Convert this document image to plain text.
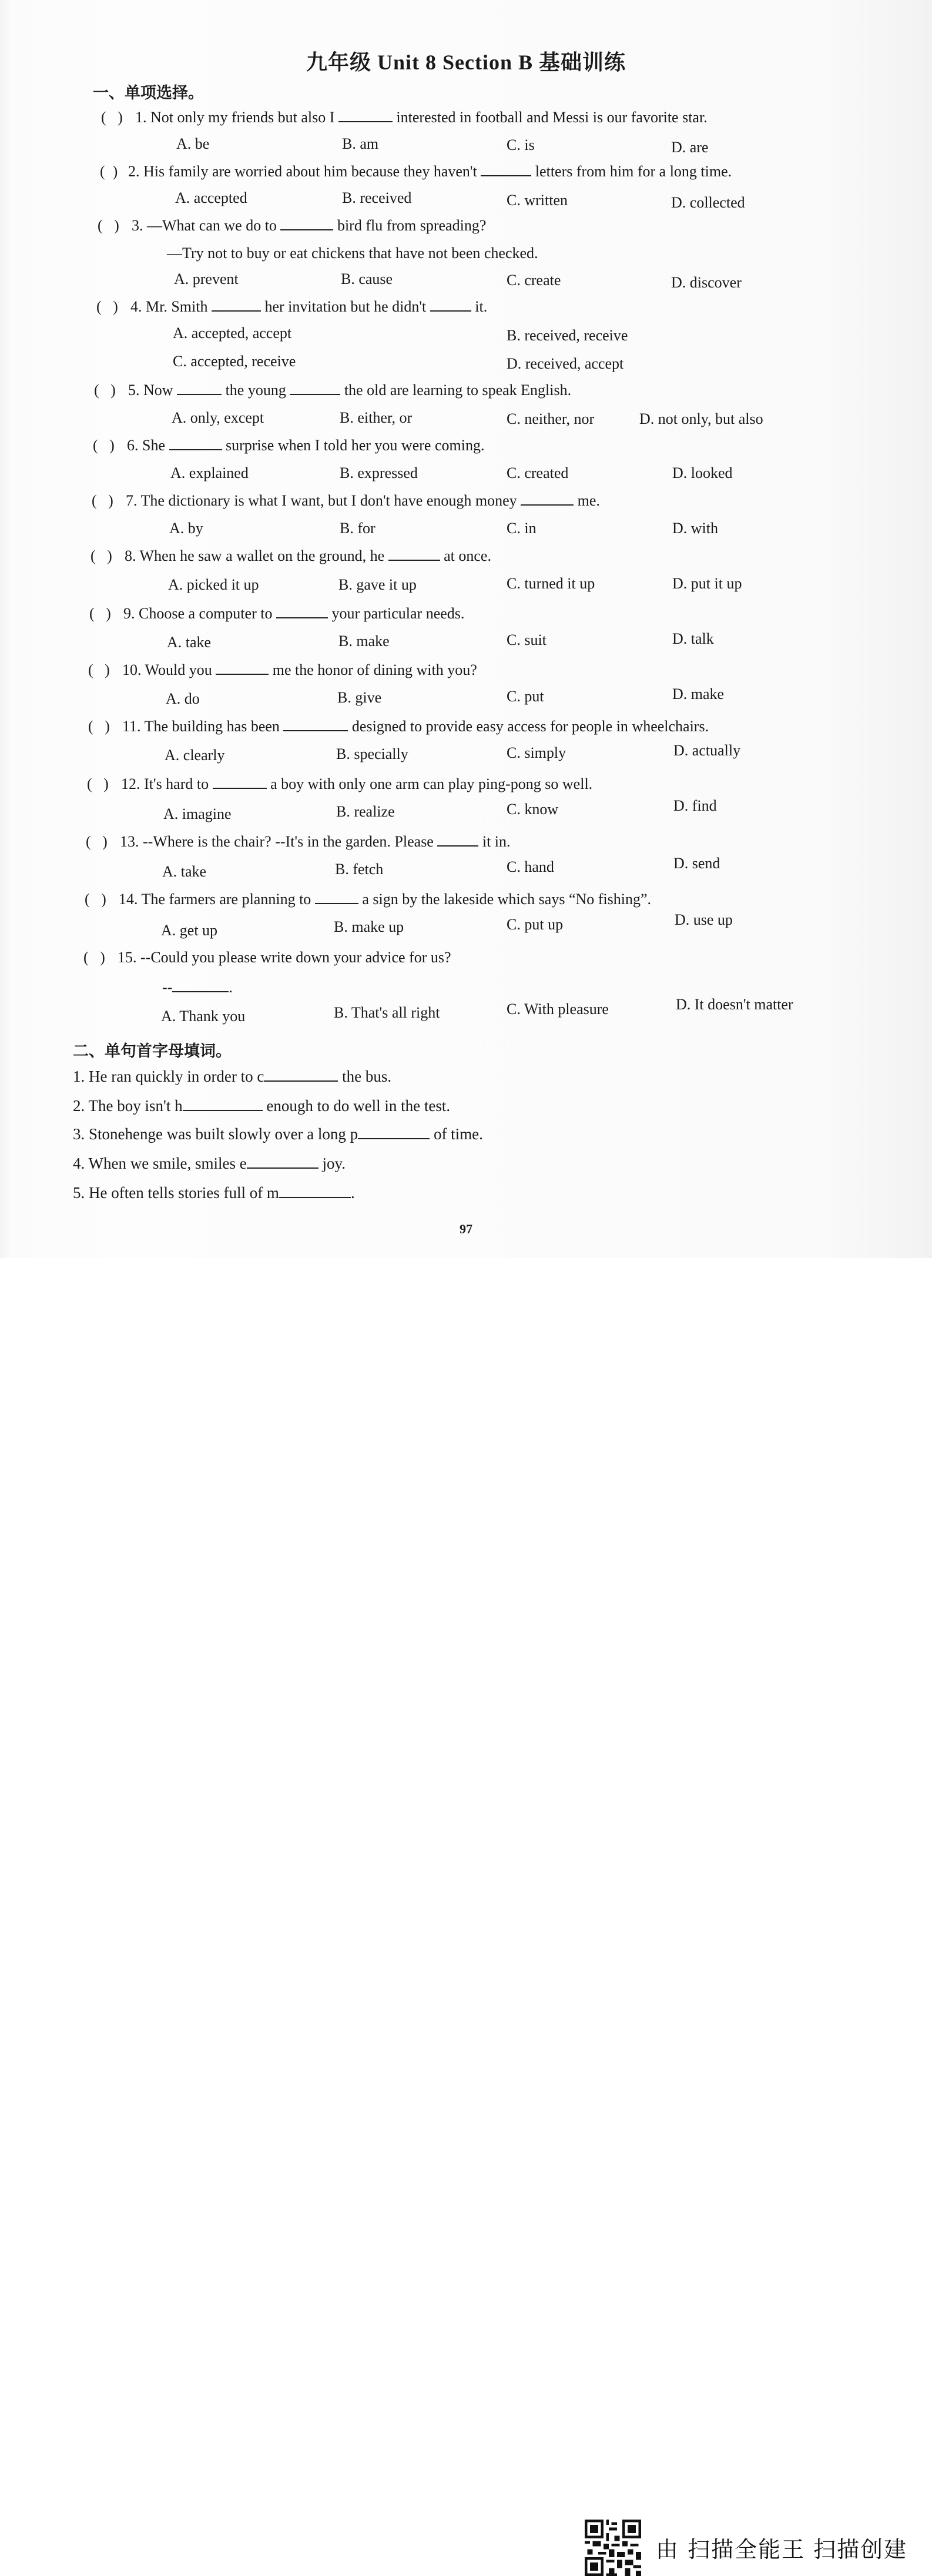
九年级 Unit 8 Section B 基础训练
一、单项选择。
(   ) 1. Not only my friends but also I	interested in football and Messi is our favorite star.
A. be	B. am	C. is	D. are
(  ) 2. His family are worried about him because they haven't	letters from him for a long time.
A. accepted	B. received	C. written	D. collected
(   ) 3. —What can we do to	bird flu from spreading?
—Try not to buy or eat chickens that have not been checked.
A. prevent	B. cause	C. create	D. discover
(   ) 4. Mr. Smith	her invitation but he didn't	it.
A. accepted, accept	B. received, receive
C. accepted, receive	D. received, accept
(   ) 5. Now	the young	the old are learning to speak English.
A. only, except	B. either, or	C. neither, nor	D. not only, but also
(   ) 6. She	surprise when I told her you were coming.
A. explained	B. expressed	C. created	D. looked
(   ) 7. The dictionary is what I want, but I don't have enough money	me.
A. by	B. for	C. in	D. with
(   ) 8. When he saw a wallet on the ground, he	at once.
A. picked it up	B. gave it up	C. turned it up	D. put it up
(   ) 9. Choose a computer to	your particular needs.
A. take	B. make	C. suit	D. talk
(   ) 10. Would you	me the honor of dining with you?
A. do	B. give	C. put	D. make
(   ) 11. The building has been	designed to provide easy access for people in wheelchairs.
A. clearly	B. specially	C. simply	D. actually
(   ) 12. It's hard to	a boy with only one arm can play ping-pong so well.
A. imagine	B. realize	C. know	D. find
(   ) 13. --Where is the chair? --It's in the garden. Please	it in.
A. take	B. fetch	C. hand	D. send
(   ) 14. The farmers are planning to	a sign by the lakeside which says “No fishing”.
A. get up	B. make up	C. put up	D. use up
(   ) 15. --Could you please write down your advice for us?
--	.
A. Thank you	B. That's all right	C. With pleasure	D. It doesn't matter
二、单句首字母填词。
1. He ran quickly in order to c	the bus.
2. The boy isn't h	enough to do well in the test.
3. Stonehenge was built slowly over a long p	of time.
4. When we smile, smiles e	joy.
5. He often tells stories full of m	.
97
由 扫描全能王 扫描创建
